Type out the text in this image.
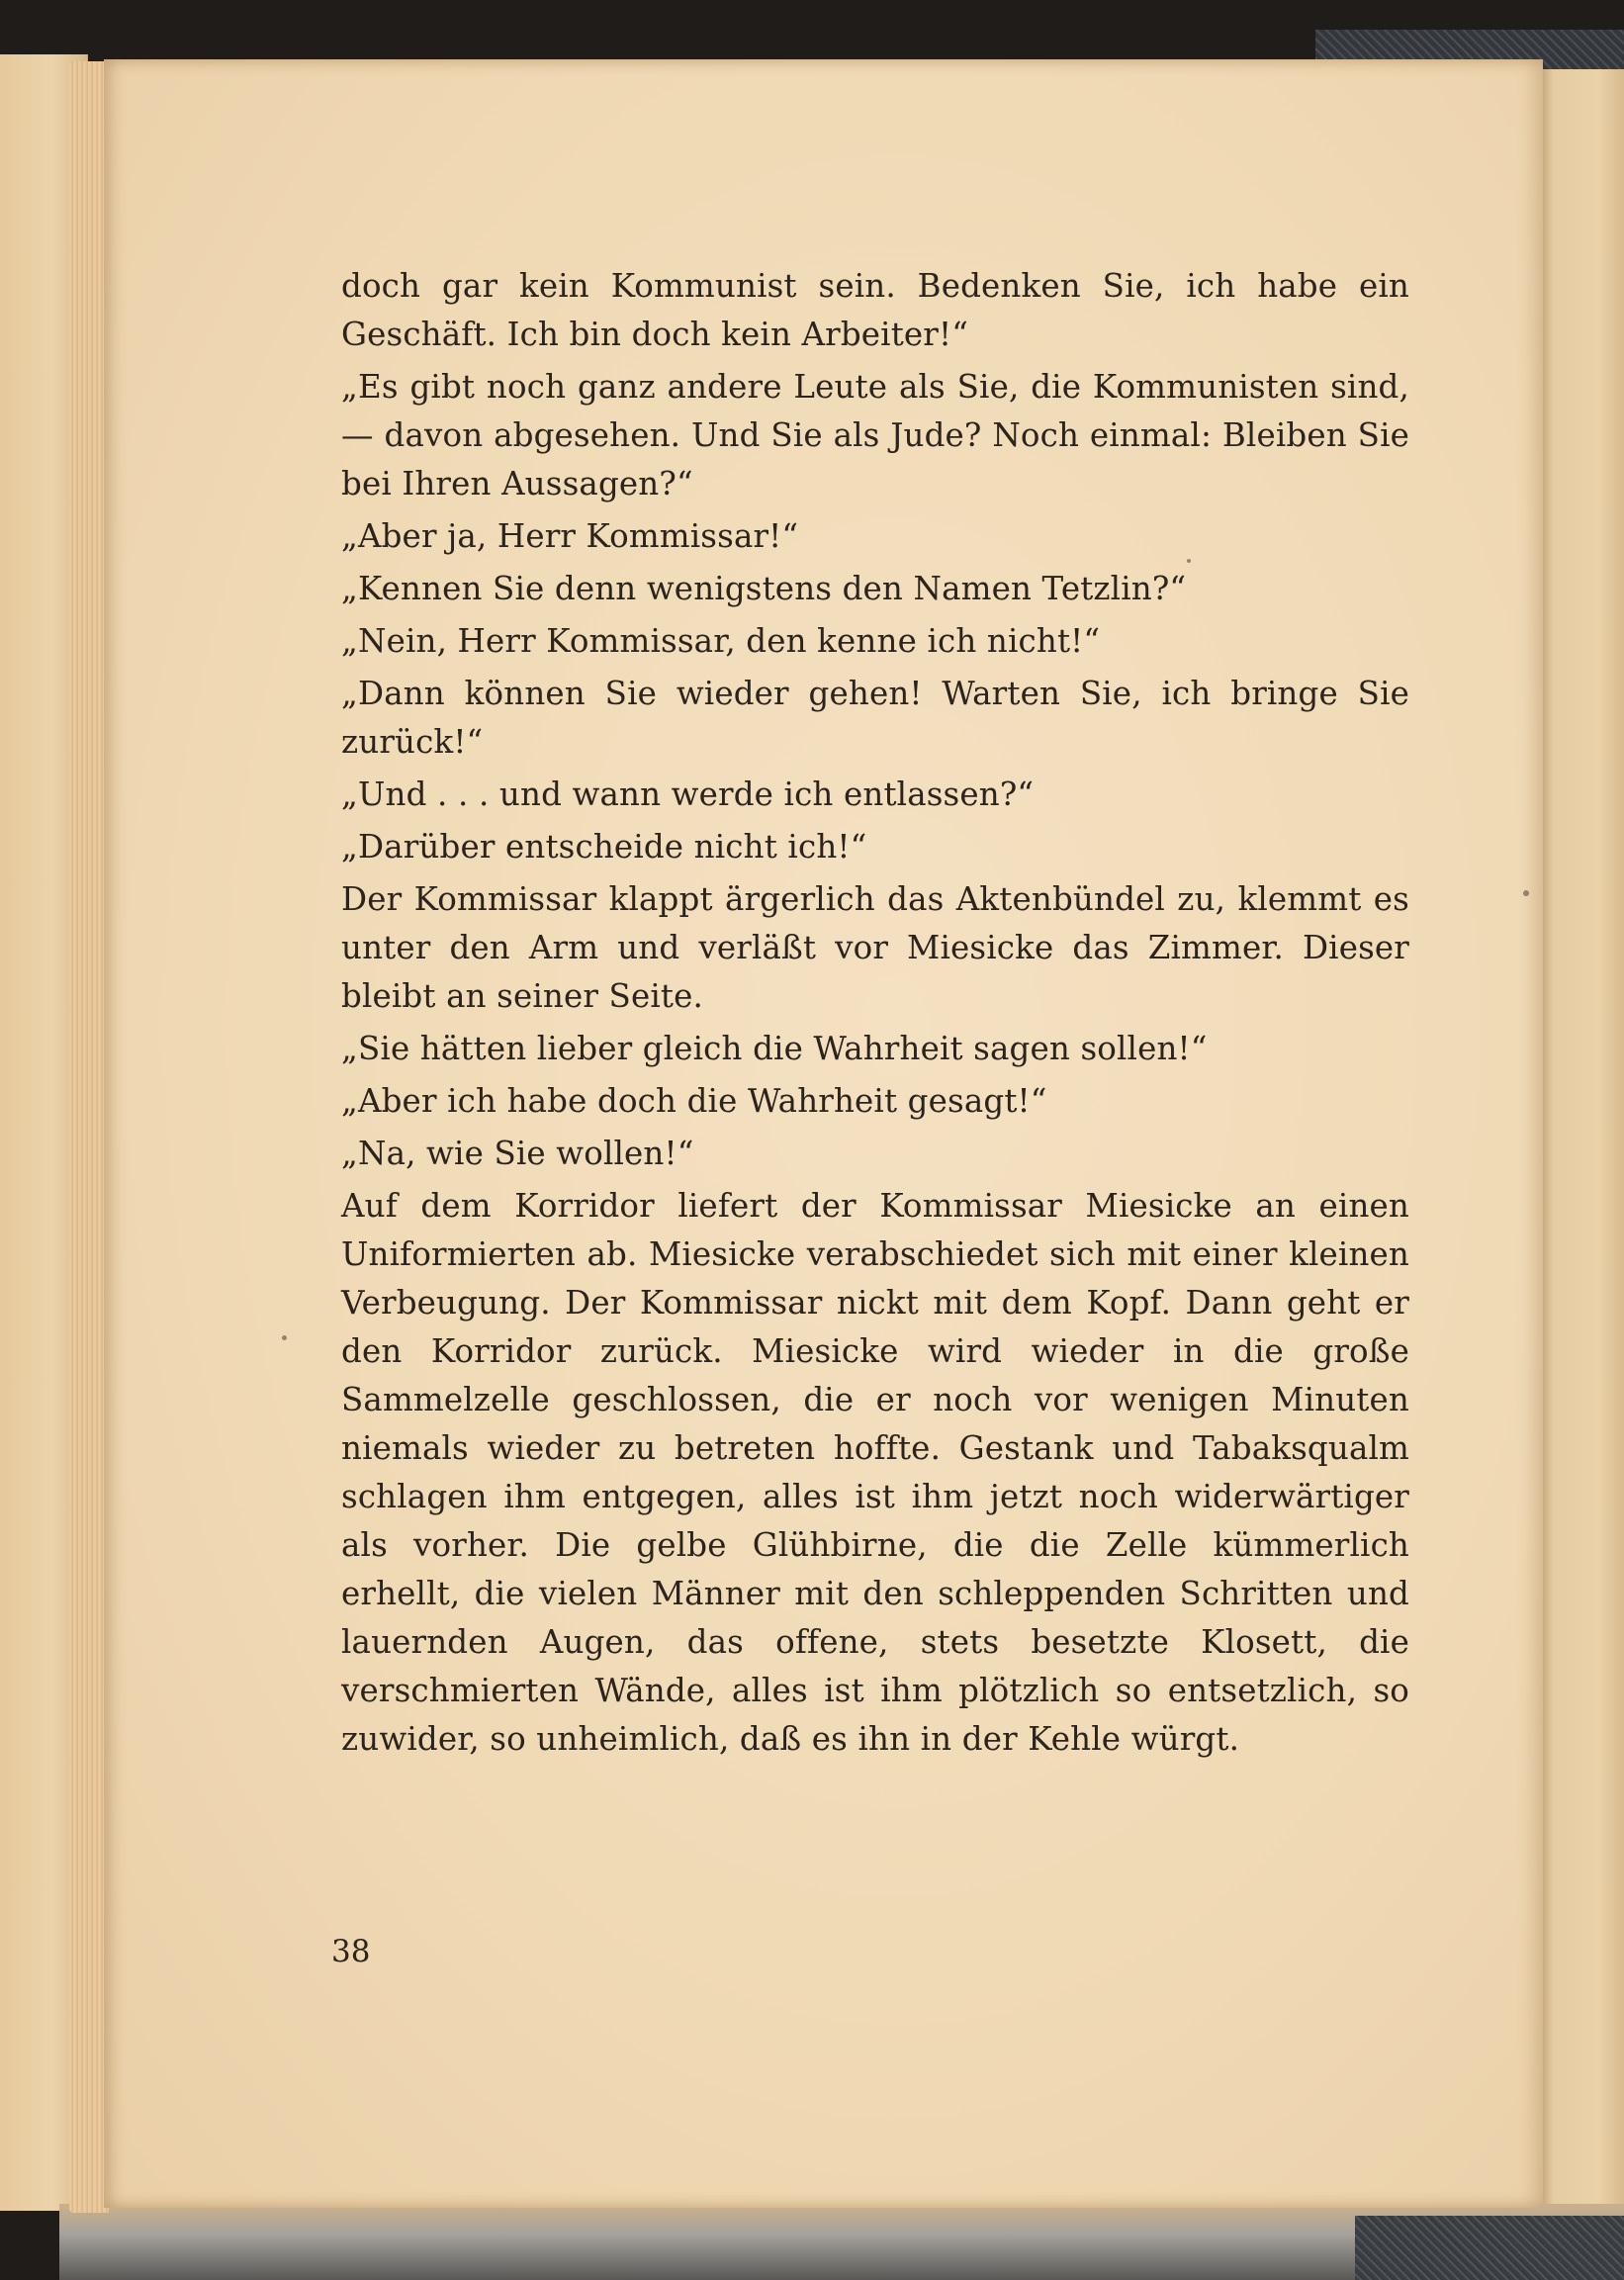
doch gar kein Kommunist sein. Bedenken Sie, ich habe ein Geschäft. Ich bin doch kein Arbeiter!“

„Es gibt noch ganz andere Leute als Sie, die Kommunisten sind, — davon abgesehen. Und Sie als Jude? Noch einmal: Bleiben Sie bei Ihren Aussagen?“

„Aber ja, Herr Kommissar!“

„Kennen Sie denn wenigstens den Namen Tetzlin?“

„Nein, Herr Kommissar, den kenne ich nicht!“

„Dann können Sie wieder gehen! Warten Sie, ich bringe Sie zurück!“

„Und . . . und wann werde ich entlassen?“

„Darüber entscheide nicht ich!“

Der Kommissar klappt ärgerlich das Aktenbündel zu, klemmt es unter den Arm und verläßt vor Miesicke das Zimmer. Dieser bleibt an seiner Seite.

„Sie hätten lieber gleich die Wahrheit sagen sollen!“

„Aber ich habe doch die Wahrheit gesagt!“

„Na, wie Sie wollen!“

Auf dem Korridor liefert der Kommissar Miesicke an einen Uniformierten ab. Miesicke verabschiedet sich mit einer kleinen Verbeugung. Der Kommissar nickt mit dem Kopf. Dann geht er den Korridor zurück. Miesicke wird wieder in die große Sammelzelle geschlossen, die er noch vor wenigen Minuten niemals wieder zu betreten hoffte. Gestank und Tabaksqualm schlagen ihm entgegen, alles ist ihm jetzt noch widerwärtiger als vorher. Die gelbe Glühbirne, die die Zelle kümmerlich erhellt, die vielen Männer mit den schleppenden Schritten und lauernden Augen, das offene, stets besetzte Klosett, die verschmierten Wände, alles ist ihm plötzlich so entsetzlich, so zuwider, so unheimlich, daß es ihn in der Kehle würgt.

38
